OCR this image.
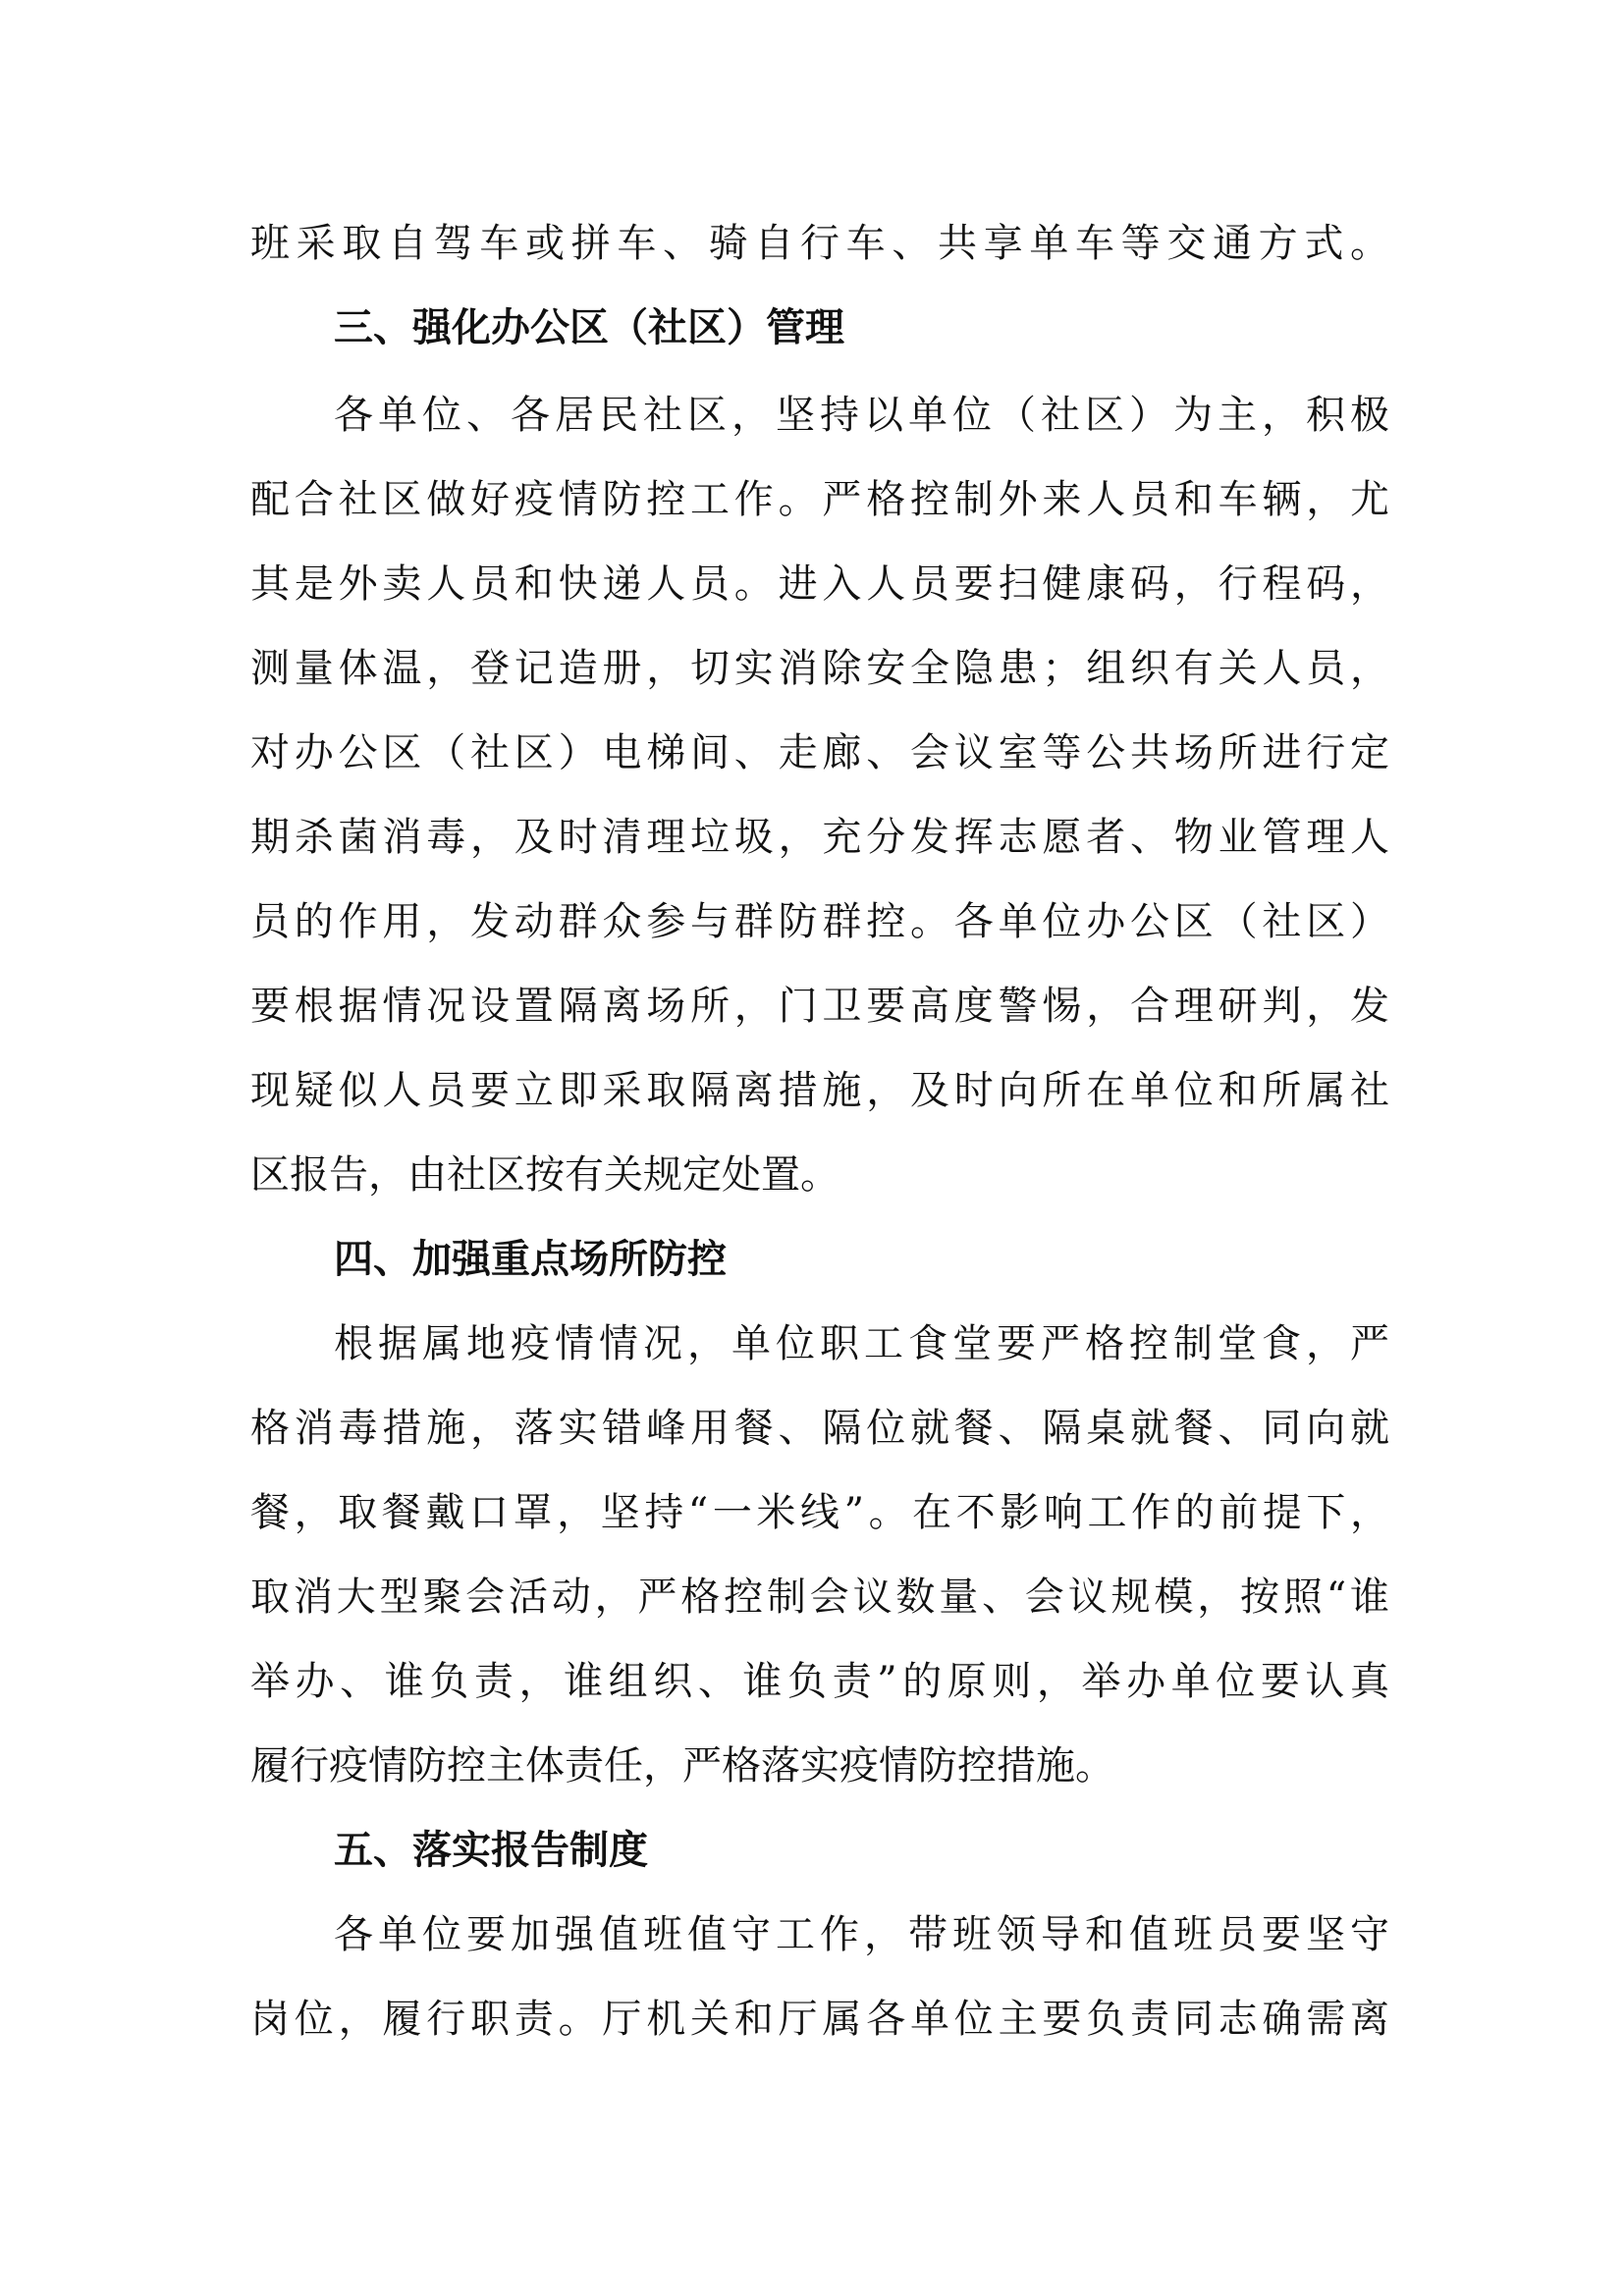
班采取自驾车或拼车、骑自行车、共享单车等交通方式。
三、强化办公区（社区）管理
各单位、各居民社区，坚持以单位（社区）为主，积极
配合社区做好疫情防控工作。严格控制外来人员和车辆，尤
其是外卖人员和快递人员。进入人员要扫健康码，行程码，
测量体温，登记造册，切实消除安全隐患；组织有关人员，
对办公区（社区）电梯间、走廊、会议室等公共场所进行定
期杀菌消毒，及时清理垃圾，充分发挥志愿者、物业管理人
员的作用，发动群众参与群防群控。各单位办公区（社区）
要根据情况设置隔离场所，门卫要高度警惕，合理研判，发
现疑似人员要立即采取隔离措施，及时向所在单位和所属社
区报告，由社区按有关规定处置。
四、加强重点场所防控
根据属地疫情情况，单位职工食堂要严格控制堂食，严
格消毒措施，落实错峰用餐、隔位就餐、隔桌就餐、同向就
餐，取餐戴口罩，坚持“一米线”。在不影响工作的前提下，
取消大型聚会活动，严格控制会议数量、会议规模，按照“谁
举办、谁负责，谁组织、谁负责”的原则，举办单位要认真
履行疫情防控主体责任，严格落实疫情防控措施。
五、落实报告制度
各单位要加强值班值守工作，带班领导和值班员要坚守
岗位，履行职责。厅机关和厅属各单位主要负责同志确需离
